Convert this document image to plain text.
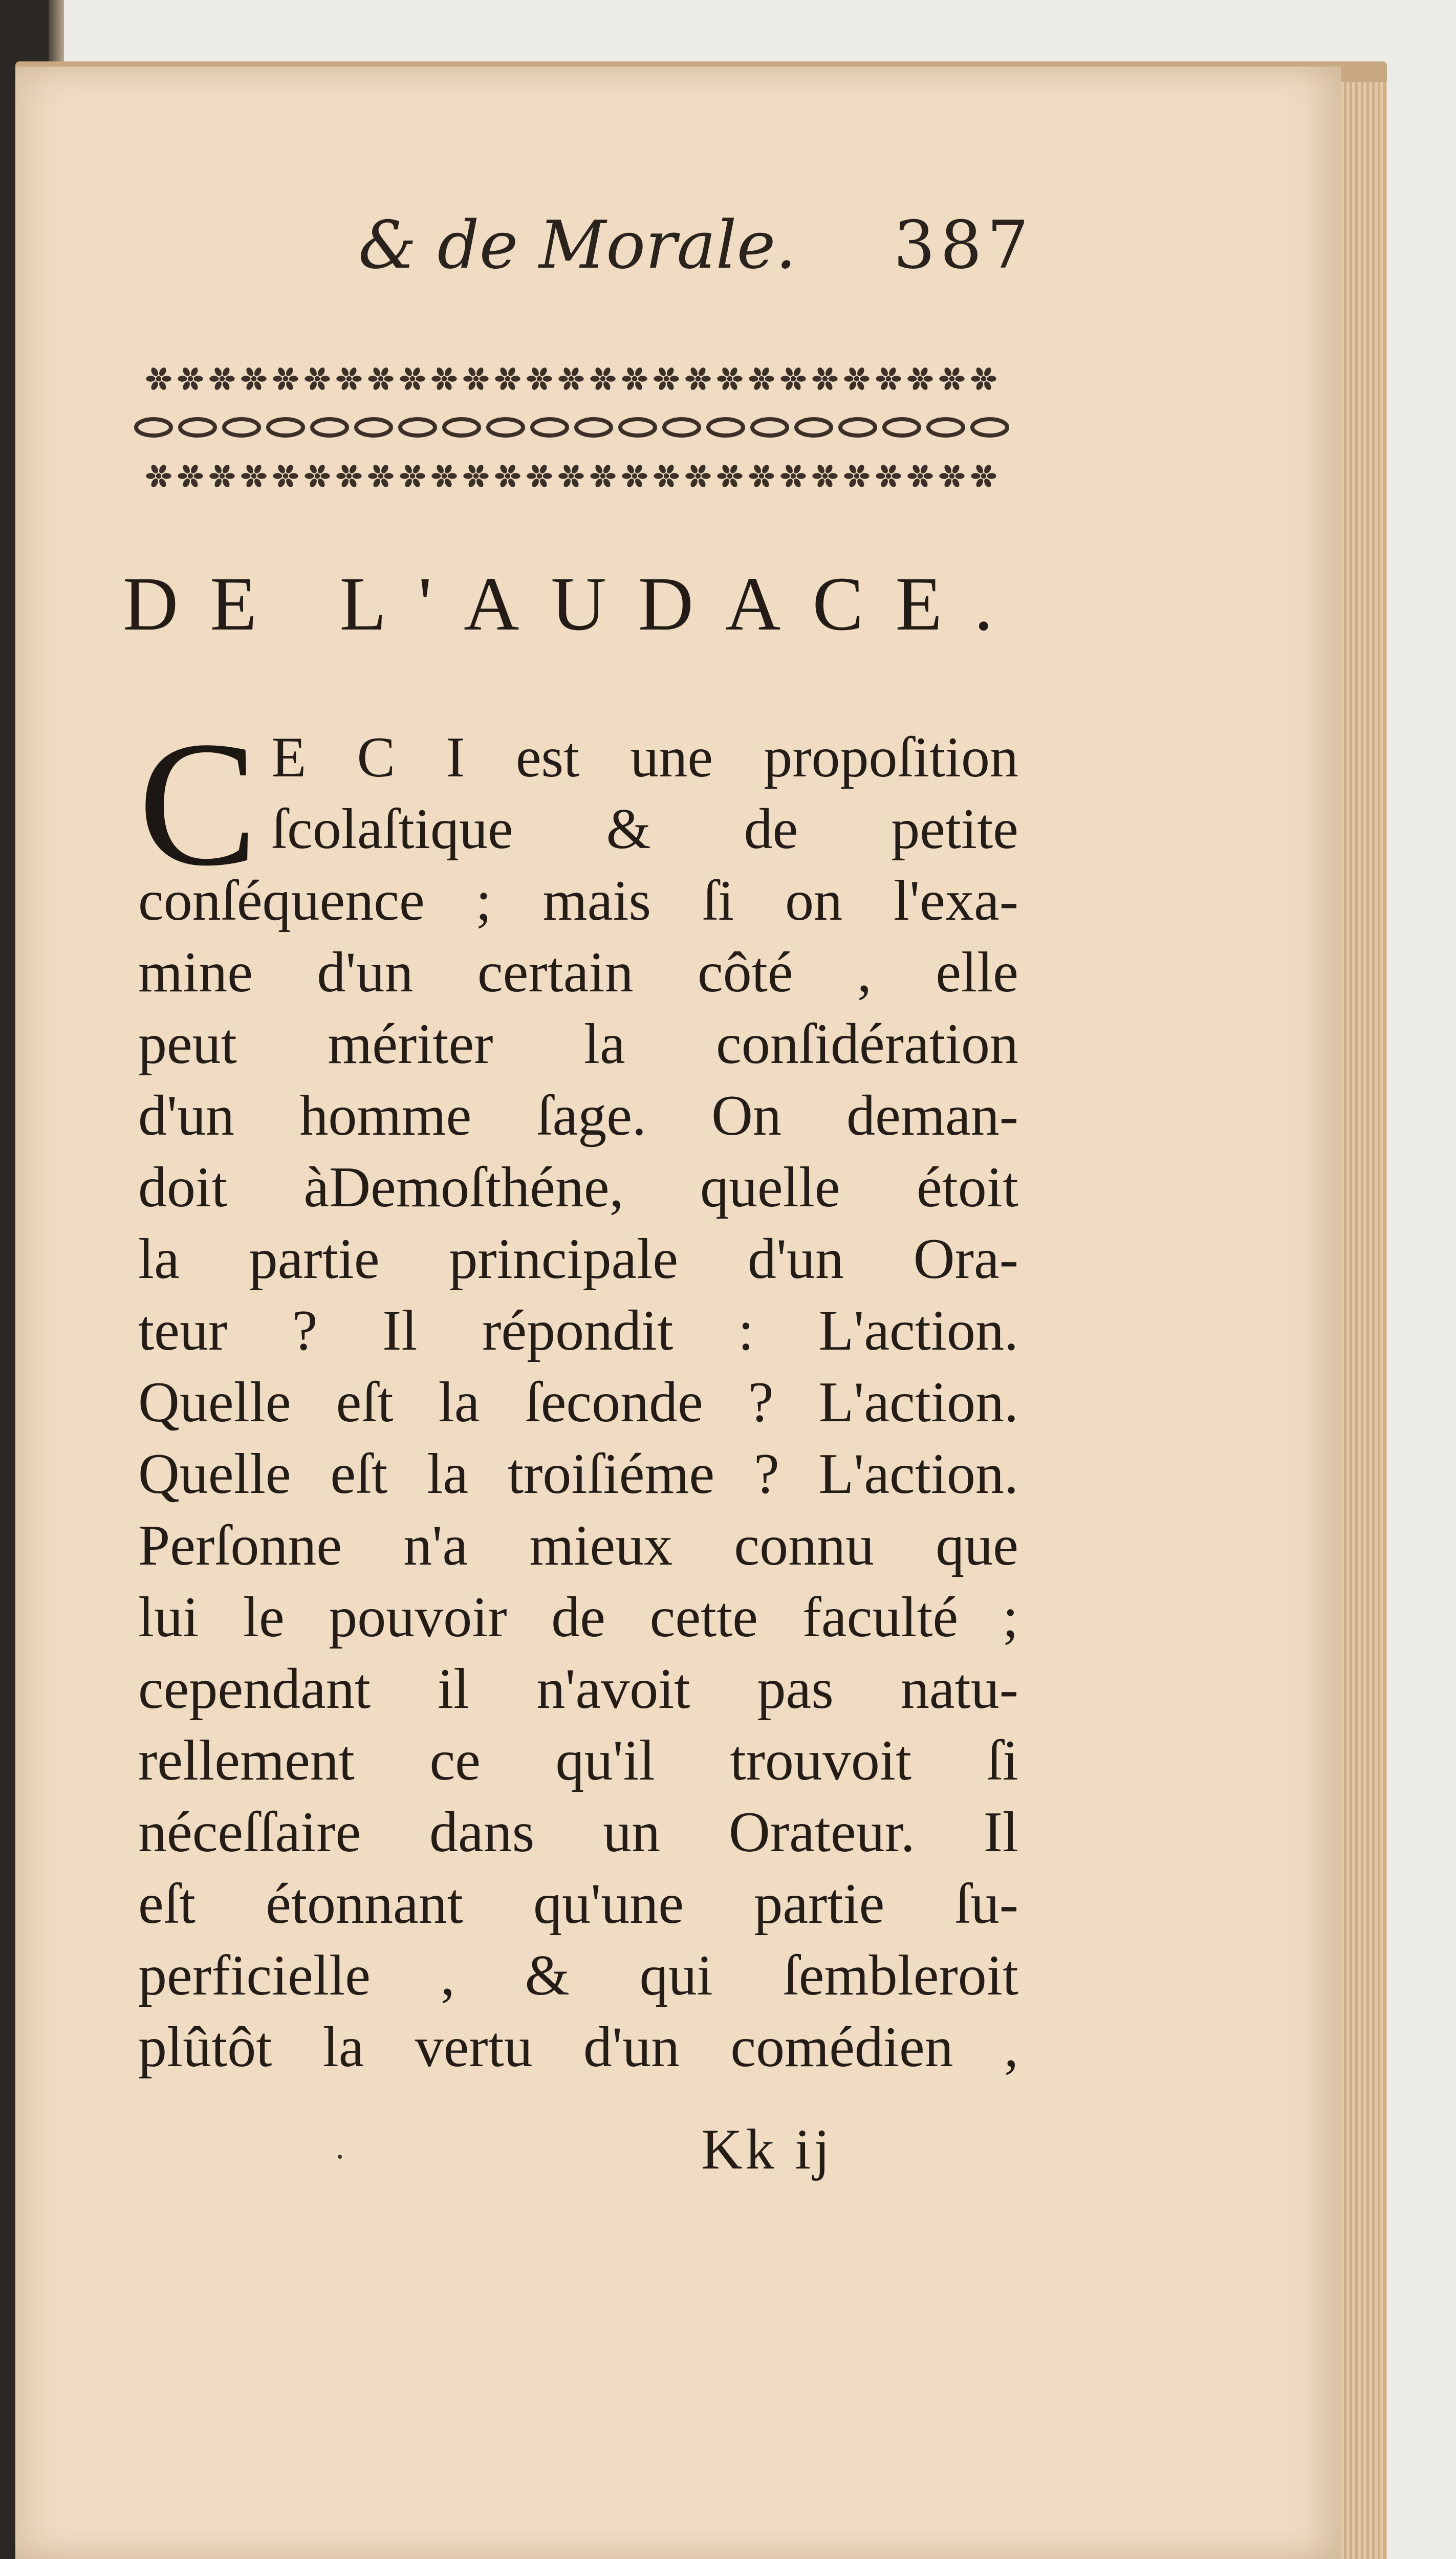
& de Morale. 387
DE L'AUDACE.
C E C I est une propoſition
ſcolaſtique & de petite
conſéquence ; mais ſi on l'exa-
mine d'un certain côté , elle
peut mériter la conſidération
d'un homme ſage. On deman-
doit àDemoſthéne, quelle étoit
la partie principale d'un Ora-
teur ? Il répondit : L'action.
Quelle eſt la ſeconde ? L'action.
Quelle eſt la troiſiéme ? L'action.
Perſonne n'a mieux connu que
lui le pouvoir de cette faculté ;
cependant il n'avoit pas natu-
rellement ce qu'il trouvoit ſi
néceſſaire dans un Orateur. Il
eſt étonnant qu'une partie ſu-
perficielle , & qui ſembleroit
plûtôt la vertu d'un comédien ,
Kk ij
